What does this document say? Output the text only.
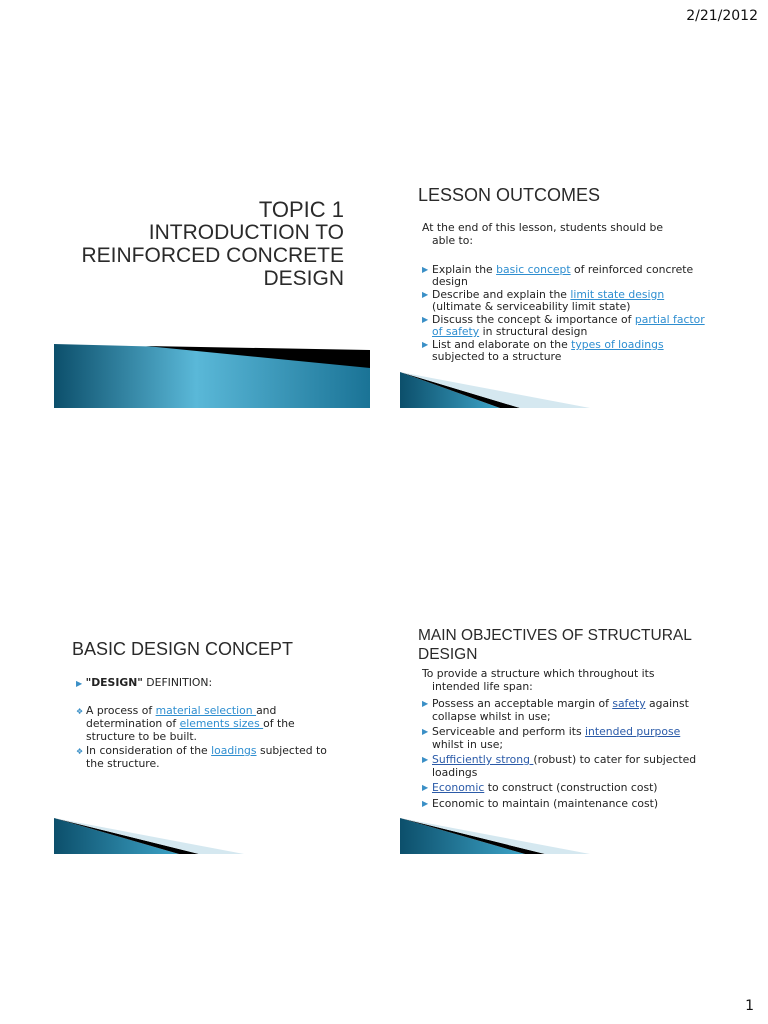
2/21/2012
TOPIC 1
INTRODUCTION TO
REINFORCED CONCRETE
DESIGN
LESSON OUTCOMES
At the end of this lesson, students should be
able to:
▶ Explain the basic concept of reinforced concrete design
▶ Describe and explain the limit state design (ultimate & serviceability limit state)
▶ Discuss the concept & importance of partial factor of safety in structural design
▶ List and elaborate on the types of loadings subjected to a structure
BASIC DESIGN CONCEPT
▶ "DESIGN" DEFINITION:
❖ A process of material selection and determination of elements sizes of the structure to be built.
❖ In consideration of the loadings subjected to the structure.
MAIN OBJECTIVES OF STRUCTURAL
DESIGN
To provide a structure which throughout its
intended life span:
▶ Possess an acceptable margin of safety against collapse whilst in use;
▶ Serviceable and perform its intended purpose whilst in use;
▶ Sufficiently strong (robust) to cater for subjected loadings
▶ Economic to construct (construction cost)
▶ Economic to maintain (maintenance cost)
1
